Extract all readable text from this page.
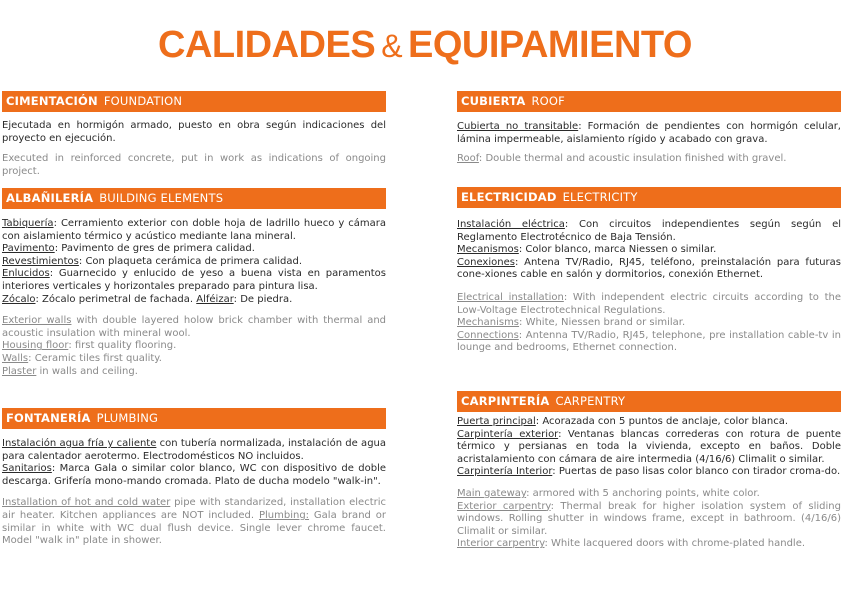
CALIDADES & EQUIPAMIENTO
CIMENTACIÓN FOUNDATION

Ejecutada en hormigón armado, puesto en obra según indicaciones del proyecto en ejecución.

Executed in reinforced concrete, put in work as indications of ongoing project.

ALBAÑILERÍA BUILDING ELEMENTS

Tabiquería: Cerramiento exterior con doble hoja de ladrillo hueco y cámara con aislamiento térmico y acústico mediante lana mineral.

Pavimento: Pavimento de gres de primera calidad.

Revestimientos: Con plaqueta cerámica de primera calidad.

Enlucidos: Guarnecido y enlucido de yeso a buena vista en paramentos interiores verticales y horizontales preparado para pintura lisa.

Zócalo: Zócalo perimetral de fachada. Alféizar: De piedra.

Exterior walls with double layered holow brick chamber with thermal and acoustic insulation with mineral wool.

Housing floor: first quality flooring.

Walls: Ceramic tiles first quality.

Plaster in walls and ceiling.

FONTANERÍA PLUMBING

Instalación agua fría y caliente con tubería normalizada, instalación de agua para calentador aerotermo. Electrodomésticos NO incluidos.

Sanitarios: Marca Gala o similar color blanco, WC con dispositivo de doble descarga. Grifería mono-mando cromada. Plato de ducha modelo "walk-in".

Installation of hot and cold water pipe with standarized, installation electric air heater. Kitchen appliances are NOT included. Plumbing: Gala brand or similar in white with WC dual flush device. Single lever chrome faucet. Model "walk in" plate in shower.

CUBIERTA ROOF

Cubierta no transitable: Formación de pendientes con hormigón celular, lámina impermeable, aislamiento rígido y acabado con grava.

Roof: Double thermal and acoustic insulation finished with gravel.

ELECTRICIDAD ELECTRICITY

Instalación eléctrica: Con circuitos independientes según según el Reglamento Electrotécnico de Baja Tensión.

Mecanismos: Color blanco, marca Niessen o similar.

Conexiones: Antena TV/Radio, RJ45, teléfono, preinstalación para futuras cone-xiones cable en salón y dormitorios, conexión Ethernet.

Electrical installation: With independent electric circuits according to the Low-Voltage Electrotechnical Regulations.

Mechanisms: White, Niessen brand or similar.

Connections: Antenna TV/Radio, RJ45, telephone, pre installation cable-tv in lounge and bedrooms, Ethernet connection.

CARPINTERÍA CARPENTRY

Puerta principal: Acorazada con 5 puntos de anclaje, color blanca.

Carpintería exterior: Ventanas blancas correderas con rotura de puente térmico y persianas en toda la vivienda, excepto en baños. Doble acristalamiento con cámara de aire intermedia (4/16/6) Climalit o similar.

Carpintería Interior: Puertas de paso lisas color blanco con tirador croma-do.

Main gateway: armored with 5 anchoring points, white color.

Exterior carpentry: Thermal break for higher isolation system of sliding windows. Rolling shutter in windows frame, except in bathroom. (4/16/6) Climalit or similar.

Interior carpentry: White lacquered doors with chrome-plated handle.
